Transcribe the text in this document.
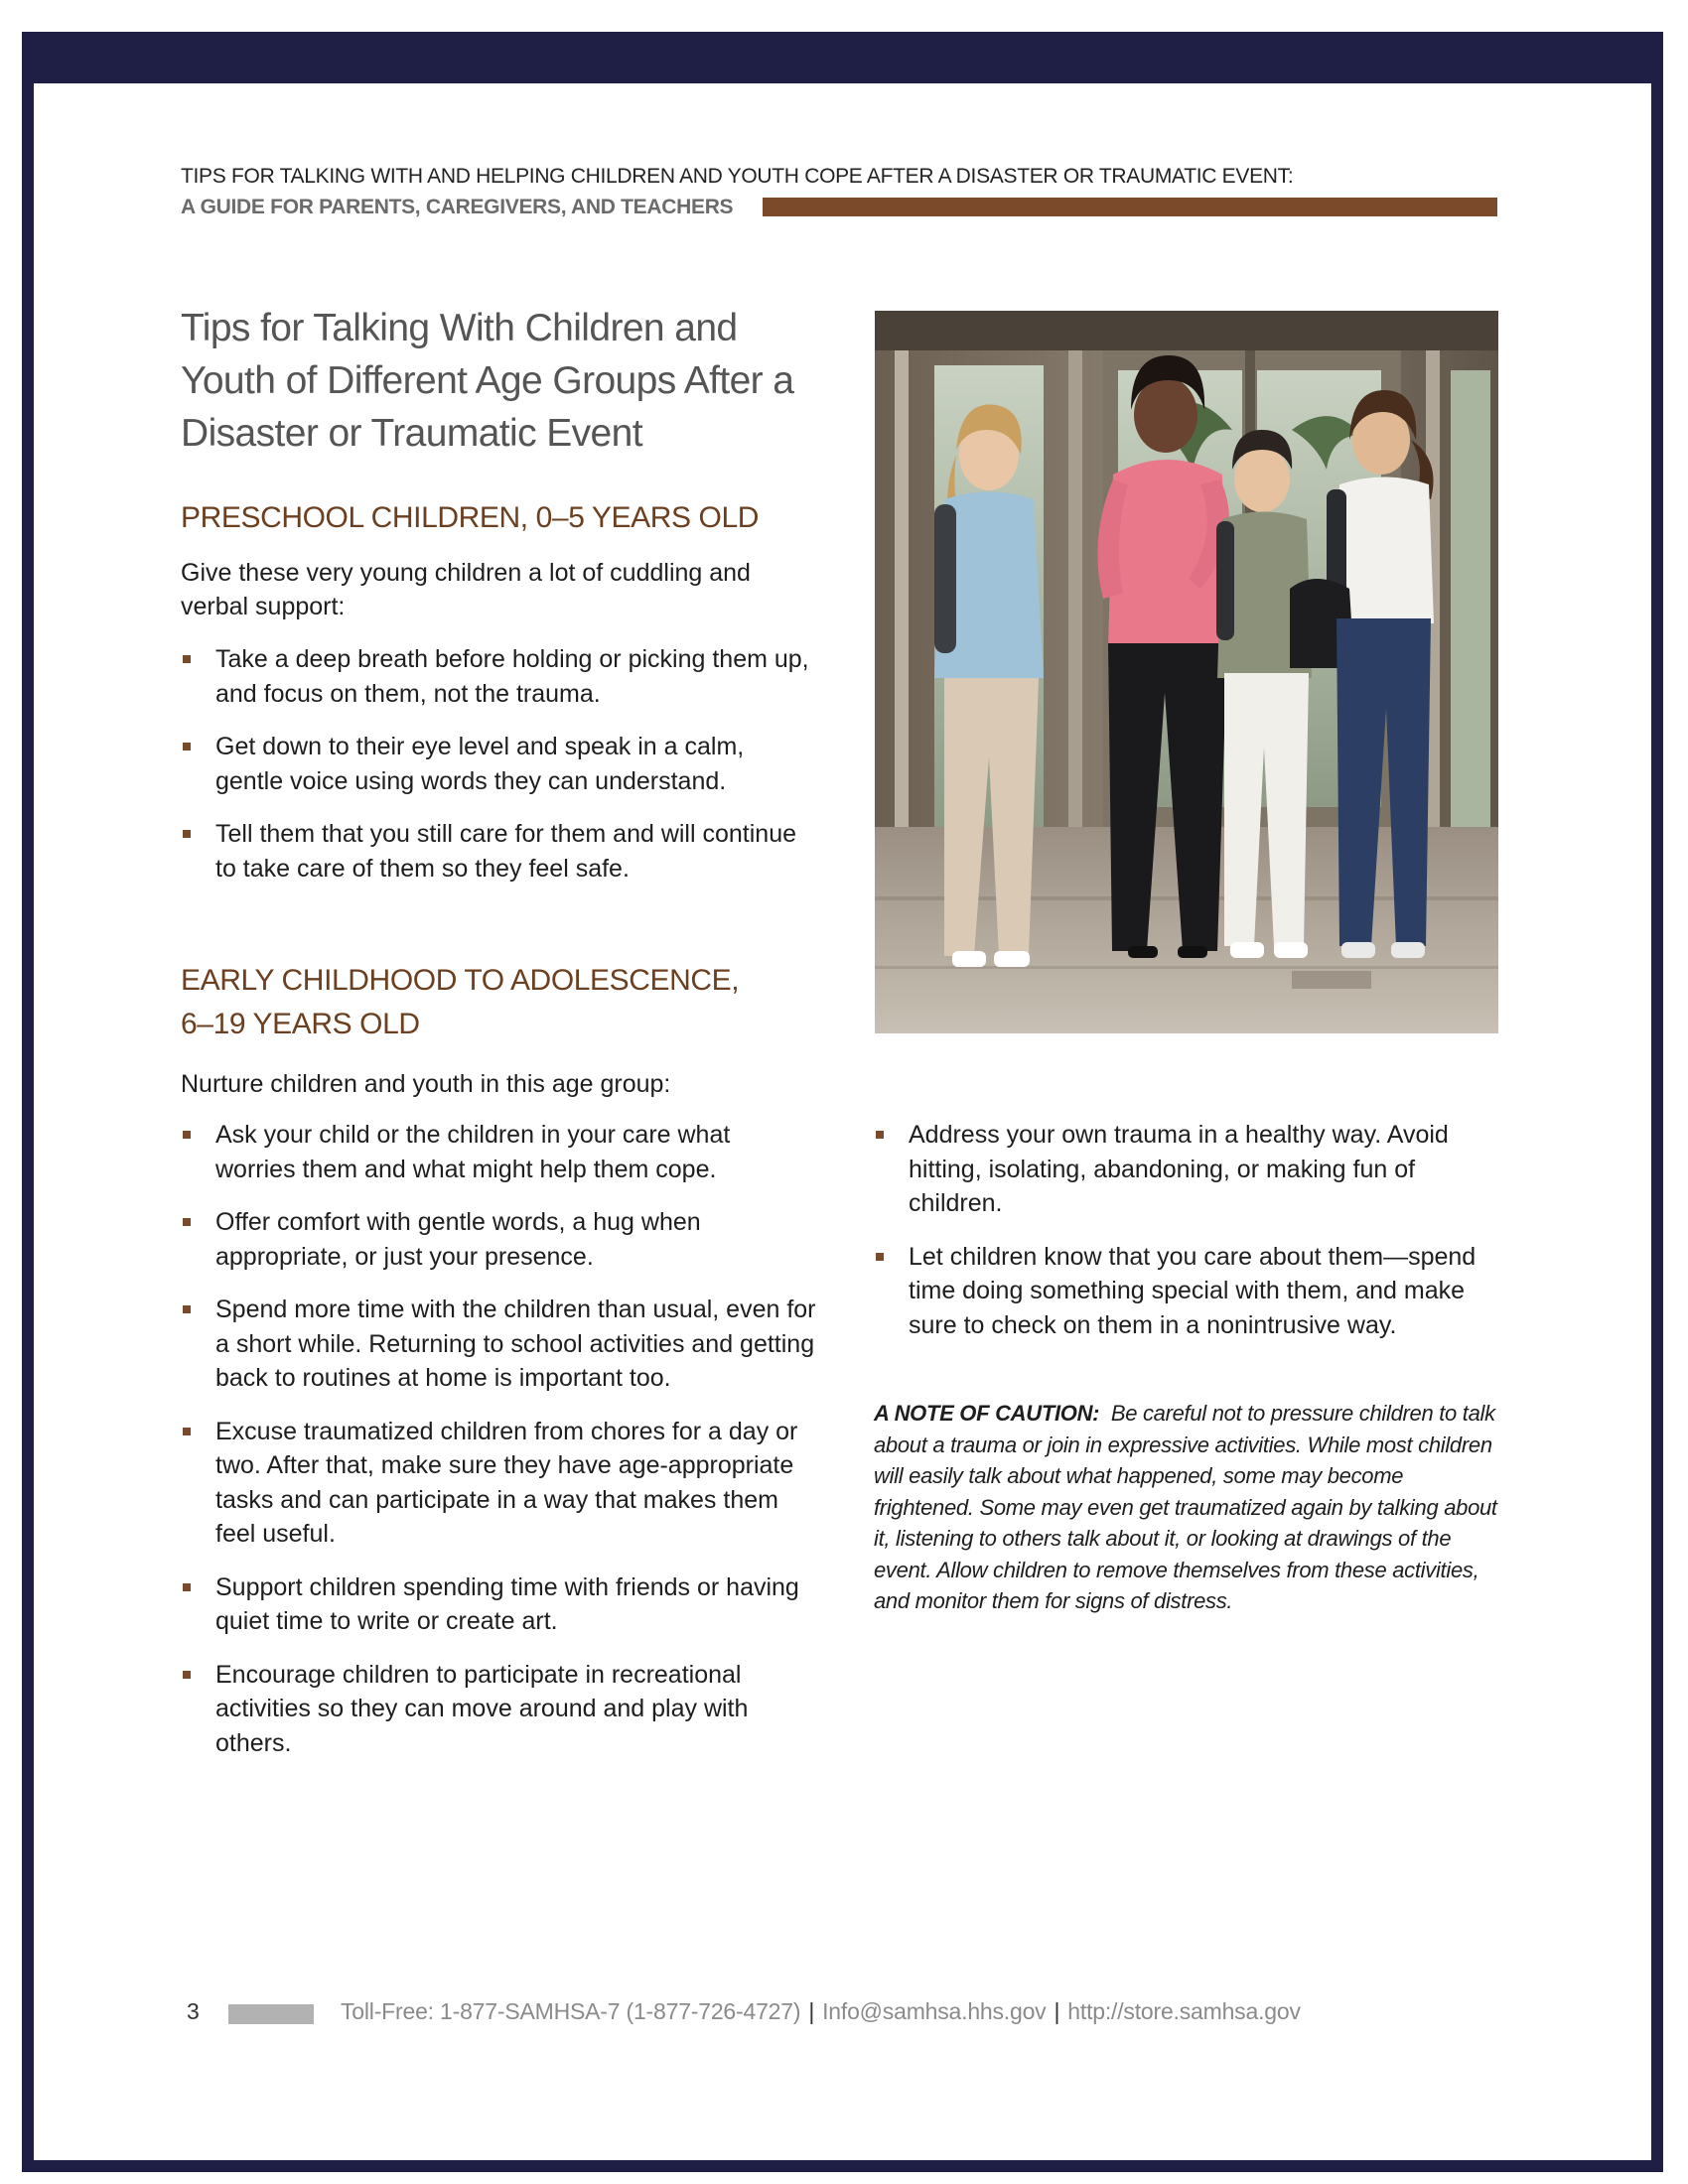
TIPS FOR TALKING WITH AND HELPING CHILDREN AND YOUTH COPE AFTER A DISASTER OR TRAUMATIC EVENT:
A GUIDE FOR PARENTS, CAREGIVERS, AND TEACHERS
Tips for Talking With Children and Youth of Different Age Groups After a Disaster or Traumatic Event
PRESCHOOL CHILDREN, 0–5 YEARS OLD

Give these very young children a lot of cuddling and verbal support:

Take a deep breath before holding or picking them up, and focus on them, not the trauma.
Get down to their eye level and speak in a calm, gentle voice using words they can understand.
Tell them that you still care for them and will continue to take care of them so they feel safe.
EARLY CHILDHOOD TO ADOLESCENCE,
6–19 YEARS OLD

Nurture children and youth in this age group:

Ask your child or the children in your care what worries them and what might help them cope.
Offer comfort with gentle words, a hug when appropriate, or just your presence.
Spend more time with the children than usual, even for a short while. Returning to school activities and getting back to routines at home is important too.
Excuse traumatized children from chores for a day or two. After that, make sure they have age-appropriate tasks and can participate in a way that makes them feel useful.
Support children spending time with friends or having quiet time to write or create art.
Encourage children to participate in recreational activities so they can move around and play with others.
Address your own trauma in a healthy way. Avoid hitting, isolating, abandoning, or making fun of children.
Let children know that you care about them—spend time doing something special with them, and make sure to check on them in a nonintrusive way.

A NOTE OF CAUTION: Be careful not to pressure children to talk about a trauma or join in expressive activities. While most children will easily talk about what happened, some may become frightened. Some may even get traumatized again by talking about it, listening to others talk about it, or looking at drawings of the event. Allow children to remove themselves from these activities, and monitor them for signs of distress.

3	Toll-Free: 1-877-SAMHSA-7 (1-877-726-4727) | Info@samhsa.hhs.gov | http://store.samhsa.gov
